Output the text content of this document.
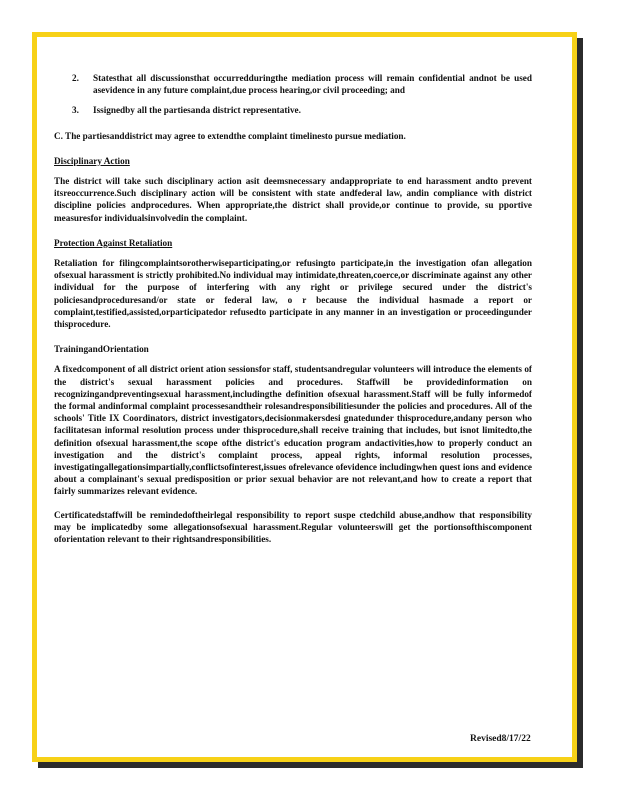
2.	Statesthat all discussionsthat occurredduringthe mediation process will remain confidential andnot be used asevidence in any future complaint,due process hearing,or civil proceeding; and
3.	Issignedby all the partiesanda district representative.

C. The partiesanddistrict may agree to extendthe complaint timelinesto pursue mediation.

Disciplinary Action

The district will take such disciplinary action asit deemsnecessary andappropriate to end harassment andto prevent itsreoccurrence.Such disciplinary action will be consistent with state andfederal law, andin compliance with district discipline policies andprocedures. When appropriate,the district shall provide,or continue to provide, su pportive measuresfor individualsinvolvedin the complaint.

Protection Against Retaliation

Retaliation for filingcomplaintsorotherwiseparticipating,or refusingto participate,in the investigation ofan allegation ofsexual harassment is strictly prohibited.No individual may intimidate,threaten,coerce,or discriminate against any other individual for the purpose of interfering with any right or privilege secured under the district's policiesandproceduresand/or state or federal law, o r because the individual hasmade a report or complaint,testified,assisted,orparticipatedor refusedto participate in any manner in an investigation or proceedingunder thisprocedure.

TrainingandOrientation

A fixedcomponent of all district orient ation sessionsfor staff, studentsandregular volunteers will introduce the elements of the district's sexual harassment policies and procedures. Staffwill be providedinformation on recognizingandpreventingsexual harassment,includingthe definition ofsexual harassment.Staff will be fully informedof the formal andinformal complaint processesandtheir rolesandresponsibilitiesunder the policies and procedures. All of the schools' Title IX Coordinators, district investigators,decisionmakersdesi gnatedunder thisprocedure,andany person who facilitatesan informal resolution process under thisprocedure,shall receive training that includes, but isnot limitedto,the definition ofsexual harassment,the scope ofthe district's education program andactivities,how to properly conduct an investigation and the district's complaint process, appeal rights, informal resolution processes, investigatingallegationsimpartially,conflictsofinterest,issues ofrelevance ofevidence includingwhen quest ions and evidence about a complainant's sexual predisposition or prior sexual behavior are not relevant,and how to create a report that fairly summarizes relevant evidence.

Certificatedstaffwill be remindedoftheirlegal responsibility to report suspe ctedchild abuse,andhow that responsibility may be implicatedby some allegationsofsexual harassment.Regular volunteerswill get the portionsofthiscomponent oforientation relevant to their rightsandresponsibilities.

Revised8/17/22
